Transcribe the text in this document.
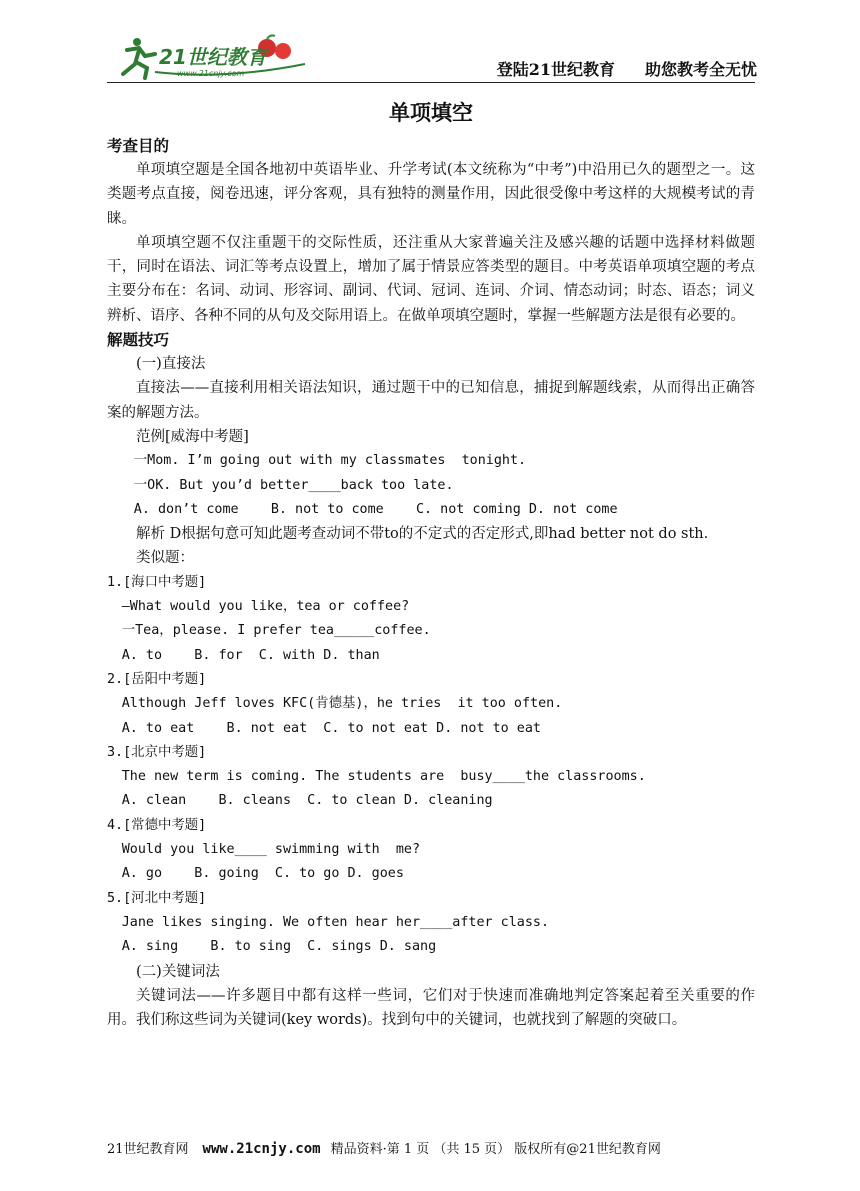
21世纪教育
www.21cnjy.com	登陆21世纪教育 助您教考全无忧

单项填空

考查目的

单项填空题是全国各地初中英语毕业、升学考试(本文统称为“中考”)中沿用已久的题型之一。这类题考点直接，阅卷迅速，评分客观，具有独特的测量作用，因此很受像中考这样的大规模考试的青睐。

单项填空题不仅注重题干的交际性质，还注重从大家普遍关注及感兴趣的话题中选择材料做题干，同时在语法、词汇等考点设置上，增加了属于情景应答类型的题目。中考英语单项填空题的考点主要分布在：名词、动词、形容词、副词、代词、冠词、连词、介词、情态动词；时态、语态；词义辨析、语序、各种不同的从句及交际用语上。在做单项填空题时，掌握一些解题方法是很有必要的。

解题技巧

(一)直接法

直接法——直接利用相关语法知识，通过题干中的已知信息，捕捉到解题线索，从而得出正确答案的解题方法。

范例[威海中考题]

一Mom. I’m going out with my classmates  tonight.

一OK. But you’d better____back too late.

A. don’t come    B. not to come    C. not coming D. not come

解析 D根据句意可知此题考查动词不带to的不定式的否定形式,即had better not do sth.

类似题：

1.[海口中考题]

—What would you like，tea or coffee?

一Tea，please. I prefer tea_____coffee.

A. to    B. for  C. with D. than

2.[岳阳中考题]

Although Jeff loves KFC(肯德基)，he tries  it too often.

A. to eat    B. not eat  C. to not eat D. not to eat

3.[北京中考题]

The new term is coming. The students are  busy____the classrooms.

A. clean    B. cleans  C. to clean D. cleaning

4.[常德中考题]

Would you like____ swimming with  me?

A. go    B. going  C. to go D. goes

5.[河北中考题]

Jane likes singing. We often hear her____after class.

A. sing    B. to sing  C. sings D. sang

(二)关键词法

关键词法——许多题目中都有这样一些词，它们对于快速而准确地判定答案起着至关重要的作用。我们称这些词为关键词(key words)。找到句中的关键词，也就找到了解题的突破口。

21世纪教育网 www.21cnjy.com 精品资料·第 1 页 （共 15 页） 版权所有@21世纪教育网
